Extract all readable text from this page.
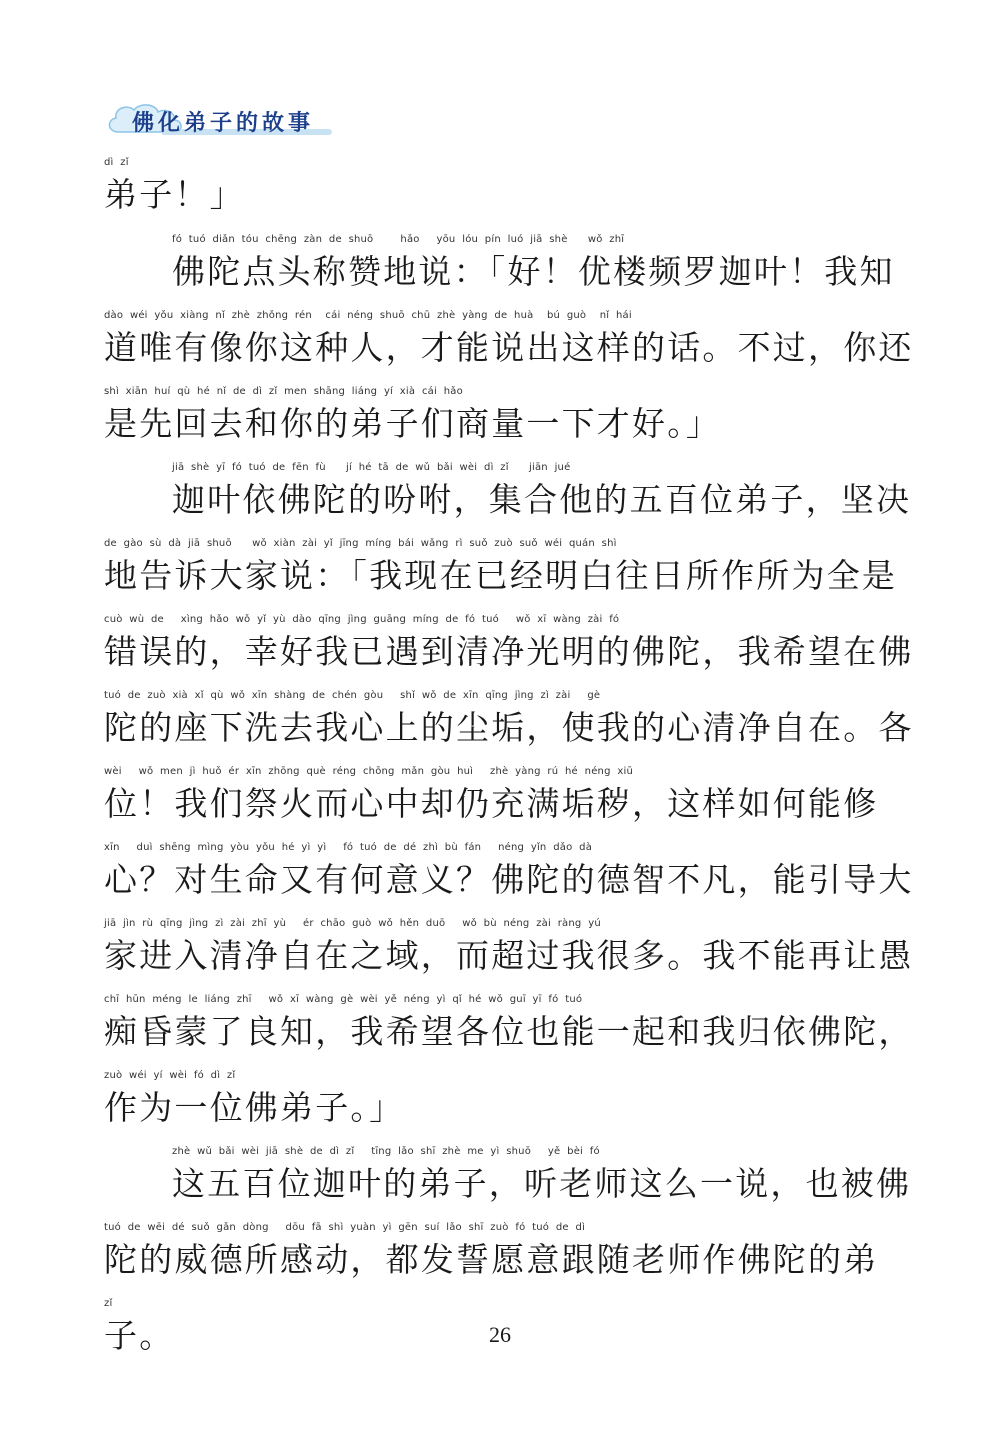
佛化弟子的故事
dì  zǐ
弟子！」
fó  tuó  diǎn  tóu  chēng  zàn  de  shuō        hǎo     yōu  lóu  pín  luó  jiā  shè      wǒ  zhī
佛陀点头称赞地说：「好！优楼频罗迦叶！我知
dào  wéi  yǒu  xiàng  nǐ  zhè  zhǒng  rén    cái  néng  shuō  chū  zhè  yàng  de  huà    bú  guò    nǐ  hái
道唯有像你这种人，才能说出这样的话。不过，你还
shì  xiān  huí  qù  hé  nǐ  de  dì  zǐ  men  shāng  liáng  yí  xià  cái  hǎo
是先回去和你的弟子们商量一下才好。」
jiā  shè  yī  fó  tuó  de  fēn  fù      jí  hé  tā  de  wǔ  bǎi  wèi  dì  zǐ      jiān  jué
迦叶依佛陀的吩咐，集合他的五百位弟子，坚决
de  gào  sù  dà  jiā  shuō      wǒ  xiàn  zài  yǐ  jīng  míng  bái  wǎng  rì  suǒ  zuò  suǒ  wéi  quán  shì
地告诉大家说：「我现在已经明白往日所作所为全是
cuò  wù  de     xìng  hǎo  wǒ  yǐ  yù  dào  qīng  jìng  guāng  míng  de  fó  tuó     wǒ  xī  wàng  zài  fó
错误的，幸好我已遇到清净光明的佛陀，我希望在佛
tuó  de  zuò  xià  xǐ  qù  wǒ  xīn  shàng  de  chén  gòu     shǐ  wǒ  de  xīn  qīng  jìng  zì  zài     gè
陀的座下洗去我心上的尘垢，使我的心清净自在。各
wèi     wǒ  men  jì  huǒ  ér  xīn  zhōng  què  réng  chōng  mǎn  gòu  huì     zhè  yàng  rú  hé  néng  xiū
位！我们祭火而心中却仍充满垢秽，这样如何能修
xīn     duì  shēng  mìng  yòu  yǒu  hé  yì  yì     fó  tuó  de  dé  zhì  bù  fán     néng  yǐn  dǎo  dà
心？对生命又有何意义？佛陀的德智不凡，能引导大
jiā  jìn  rù  qīng  jìng  zì  zài  zhī  yù     ér  chāo  guò  wǒ  hěn  duō     wǒ  bù  néng  zài  ràng  yú
家进入清净自在之域，而超过我很多。我不能再让愚
chī  hūn  méng  le  liáng  zhī     wǒ  xī  wàng  gè  wèi  yě  néng  yì  qǐ  hé  wǒ  guī  yī  fó  tuó
痴昏蒙了良知，我希望各位也能一起和我归依佛陀，
zuò  wéi  yí  wèi  fó  dì  zǐ
作为一位佛弟子。」
zhè  wǔ  bǎi  wèi  jiā  shè  de  dì  zǐ     tīng  lǎo  shī  zhè  me  yì  shuō     yě  bèi  fó
这五百位迦叶的弟子，听老师这么一说，也被佛
tuó  de  wēi  dé  suǒ  gǎn  dòng     dōu  fā  shì  yuàn  yì  gēn  suí  lǎo  shī  zuò  fó  tuó  de  dì
陀的威德所感动，都发誓愿意跟随老师作佛陀的弟
zǐ
子。	26
